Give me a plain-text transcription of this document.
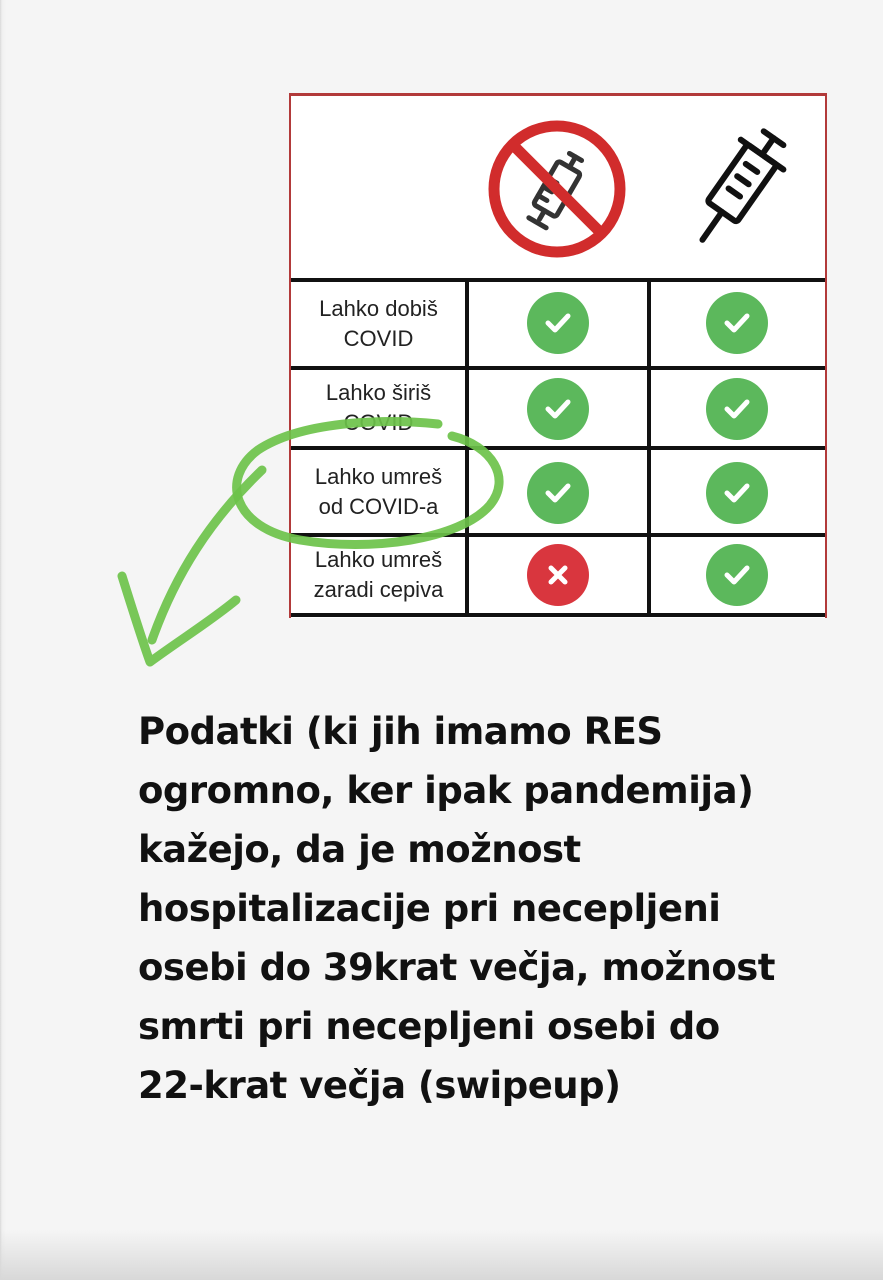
Lahko dobiš
COVID
Lahko širiš
COVID
Lahko umreš
od COVID-a
Lahko umreš
zaradi cepiva
Podatki (ki jih imamo RES
ogromno, ker ipak pandemija)
kažejo, da je možnost
hospitalizacije pri necepljeni
osebi do 39krat večja, možnost
smrti pri necepljeni osebi do
22-krat večja (swipeup)
